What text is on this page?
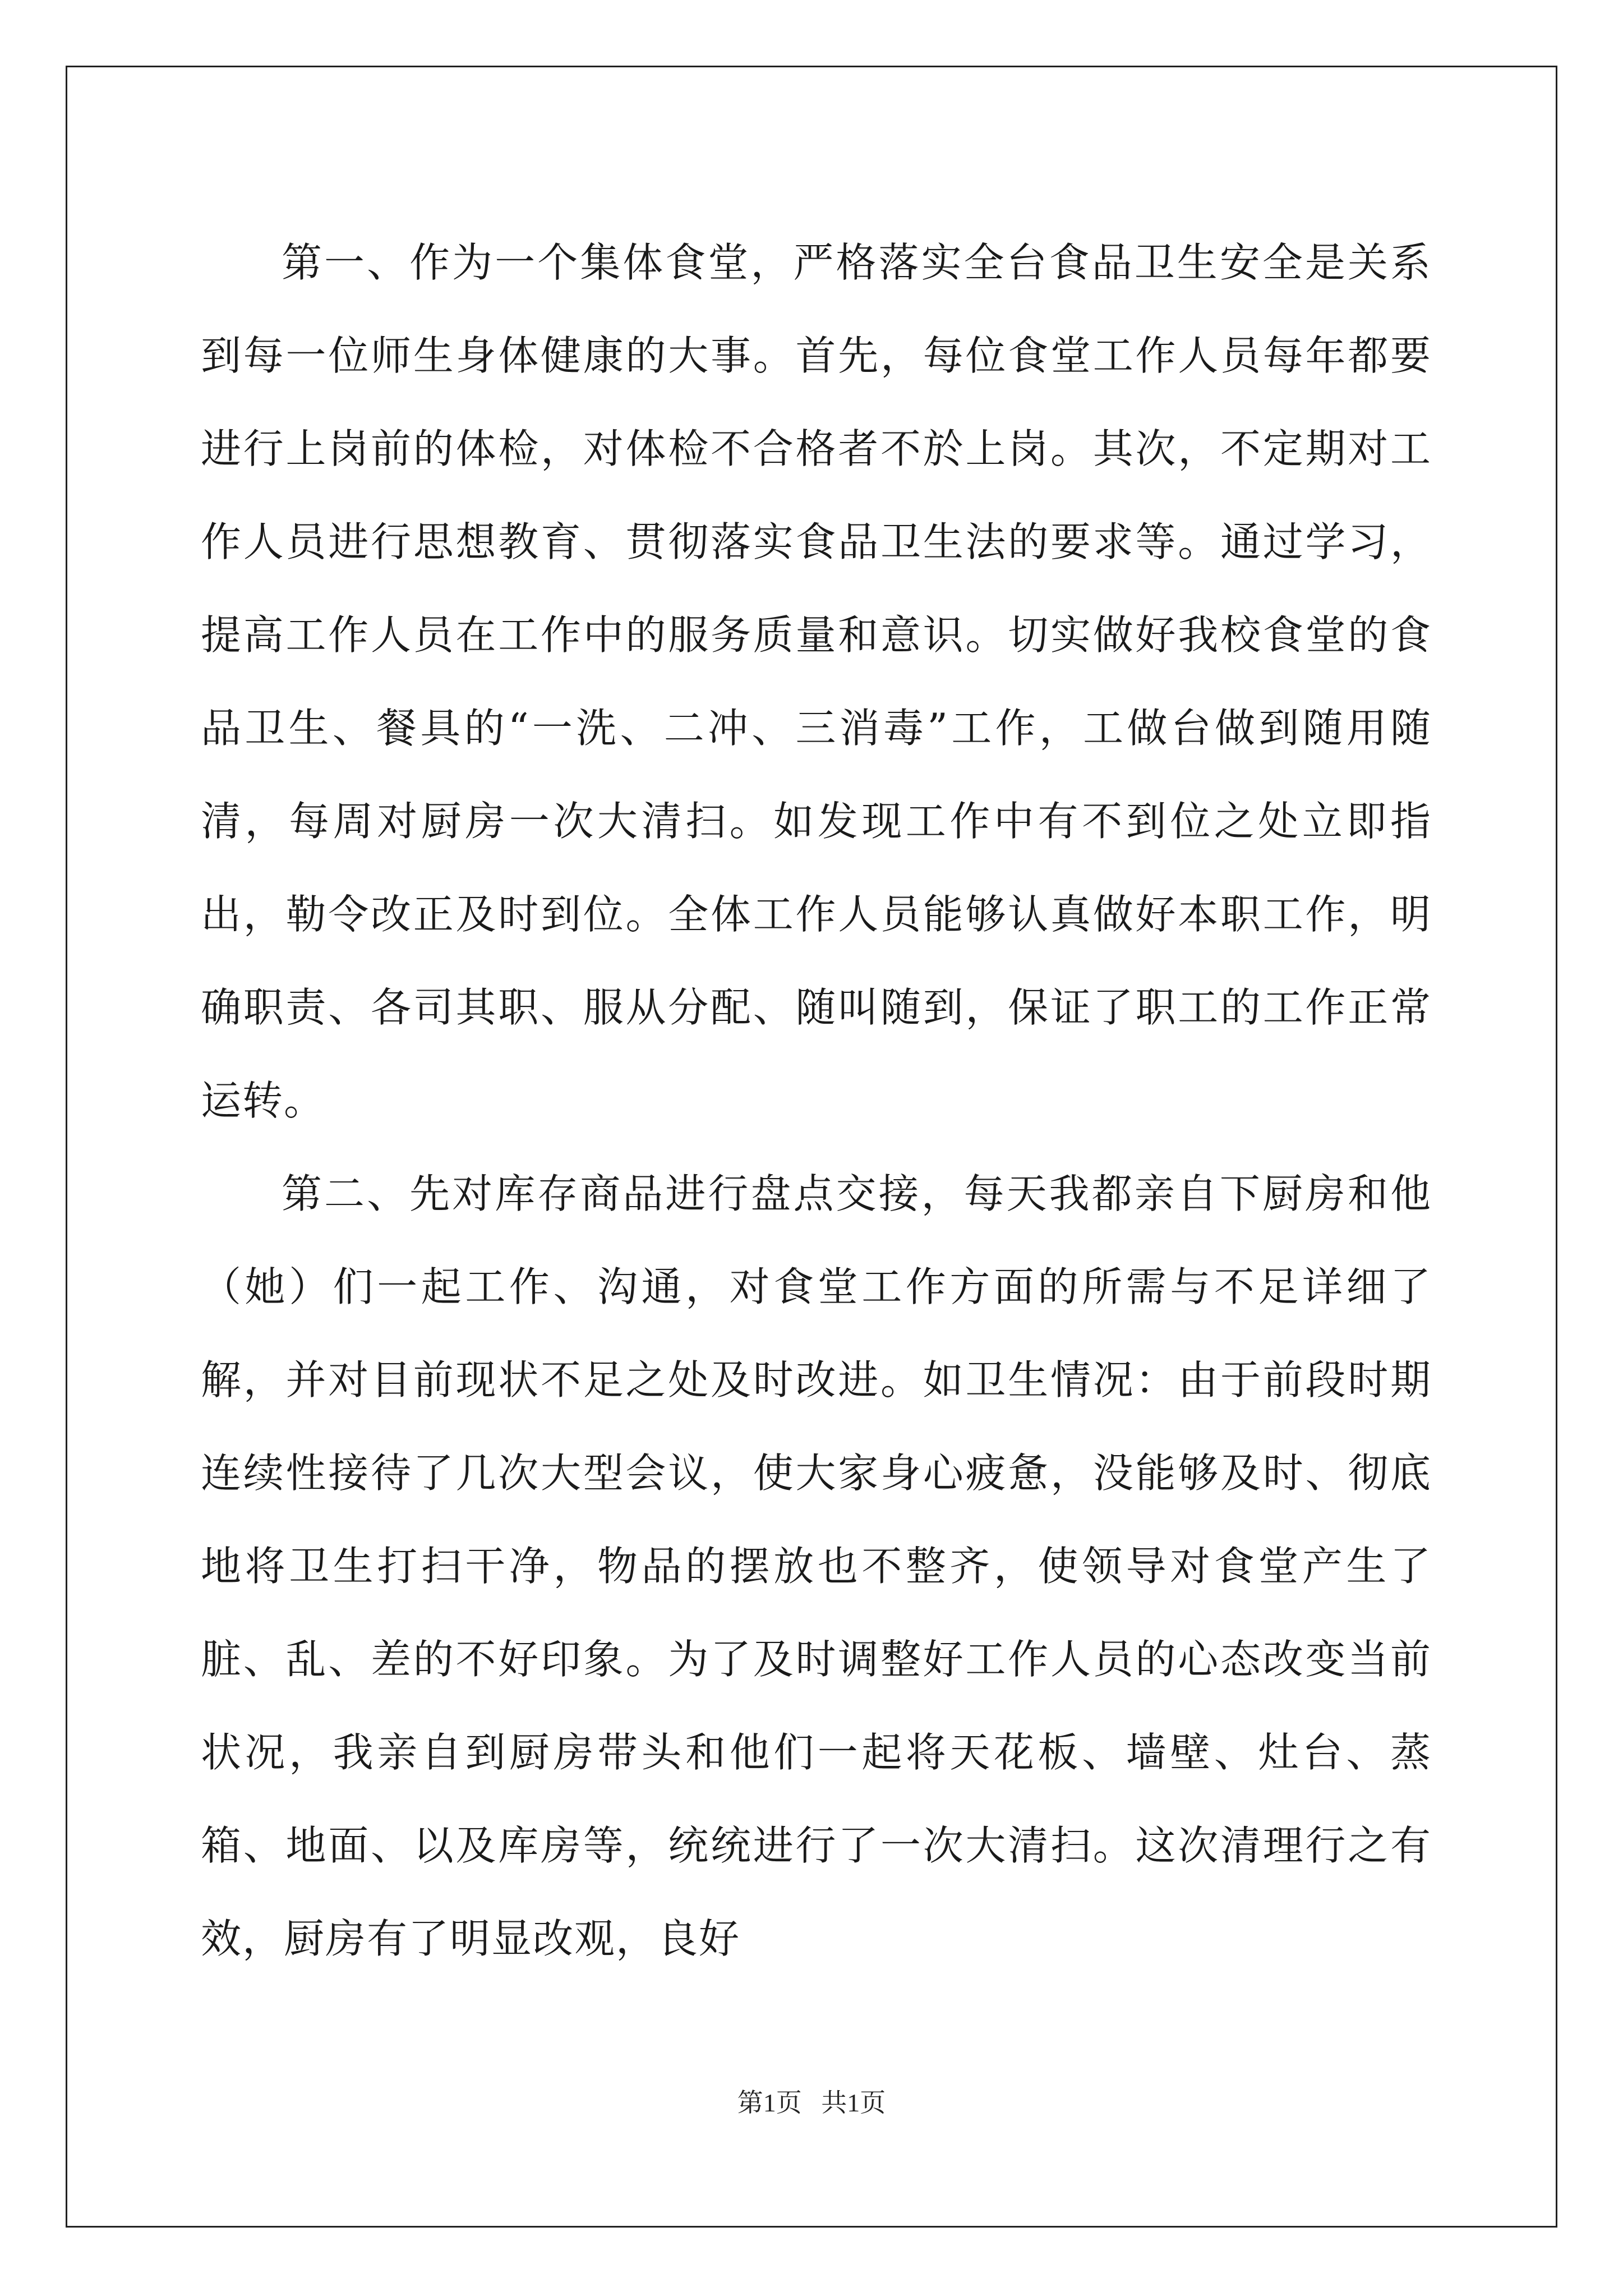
第一、作为一个集体食堂，严格落实全台食品卫生安全是关系到每一位师生身体健康的大事。首先，每位食堂工作人员每年都要进行上岗前的体检，对体检不合格者不於上岗。其次，不定期对工作人员进行思想教育、贯彻落实食品卫生法的要求等。通过学习，提高工作人员在工作中的服务质量和意识。切实做好我校食堂的食品卫生、餐具的“一洗、二冲、三消毒”工作，工做台做到随用随清，每周对厨房一次大清扫。如发现工作中有不到位之处立即指出，勒令改正及时到位。全体工作人员能够认真做好本职工作，明确职责、各司其职、服从分配、随叫随到，保证了职工的工作正常运转。

第二、先对库存商品进行盘点交接，每天我都亲自下厨房和他（她）们一起工作、沟通，对食堂工作方面的所需与不足详细了解，并对目前现状不足之处及时改进。如卫生情况：由于前段时期连续性接待了几次大型会议，使大家身心疲惫，没能够及时、彻底地将卫生打扫干净，物品的摆放也不整齐，使领导对食堂产生了脏、乱、差的不好印象。为了及时调整好工作人员的心态改变当前状况，我亲自到厨房带头和他们一起将天花板、墙壁、灶台、蒸箱、地面、以及库房等，统统进行了一次大清扫。这次清理行之有效，厨房有了明显改观，良好

第1页   共1页
